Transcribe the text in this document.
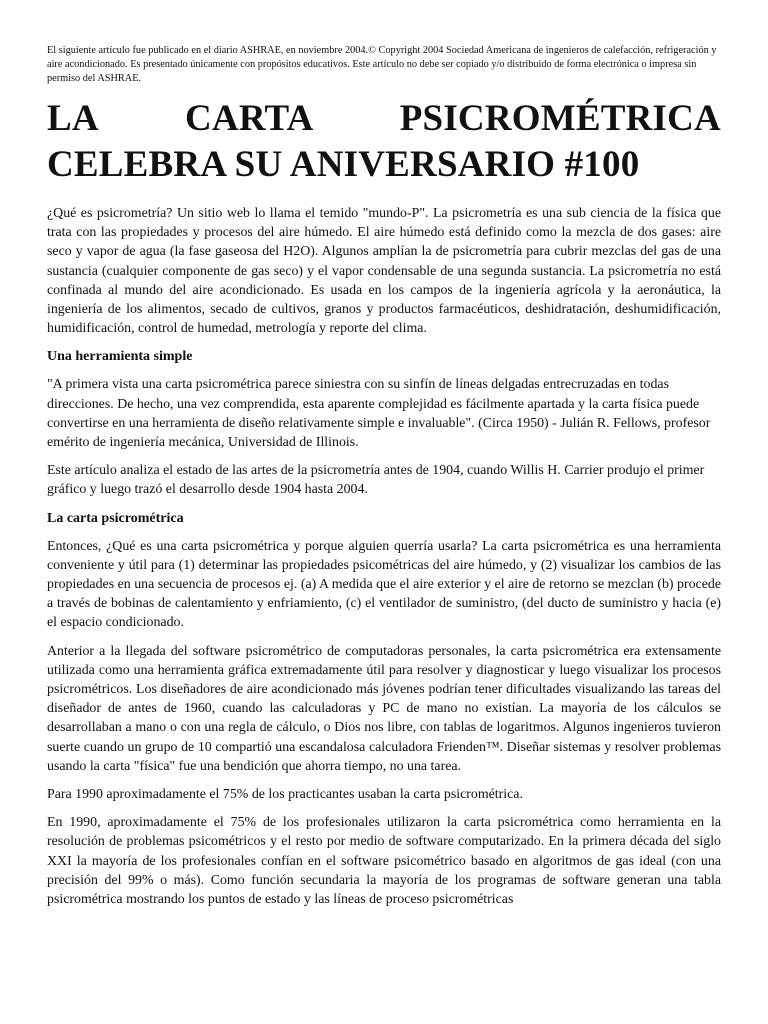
El siguiente artículo fue publicado en el diario ASHRAE, en noviembre 2004.© Copyright 2004 Sociedad Americana de ingenieros de calefacción, refrigeración y aire acondicionado. Es presentado únicamente con propósitos educativos. Este artículo no debe ser copiado y/o distribuido de forma electrónica o impresa sin permiso del ASHRAE.

LA CARTA PSICROMÉTRICA
CELEBRA SU ANIVERSARIO #100

¿Qué es psicrometría? Un sitio web lo llama el temido "mundo-P". La psicrometría es una sub ciencia de la física que trata con las propiedades y procesos del aire húmedo. El aire húmedo está definido como la mezcla de dos gases: aire seco y vapor de agua (la fase gaseosa del H2O). Algunos amplían la de psicrometría para cubrir mezclas del gas de una sustancia (cualquier componente de gas seco) y el vapor condensable de una segunda sustancia. La psicrometría no está confinada al mundo del aire acondicionado. Es usada en los campos de la ingeniería agrícola y la aeronáutica, la ingeniería de los alimentos, secado de cultivos, granos y productos farmacéuticos, deshidratación, deshumidificación, humidificación, control de humedad, metrología y reporte del clima.

Una herramienta simple

"A primera vista una carta psicrométrica parece siniestra con su sinfín de líneas delgadas entrecruzadas en todas direcciones. De hecho, una vez comprendida, esta aparente complejidad es fácilmente apartada y la carta física puede convertirse en una herramienta de diseño relativamente simple e invaluable". (Circa 1950) - Julián R. Fellows, profesor emérito de ingeniería mecánica, Universidad de Illinois.

Este artículo analiza el estado de las artes de la psicrometría antes de 1904, cuando Willis H. Carrier produjo el primer gráfico y luego trazó el desarrollo desde 1904 hasta 2004.

La carta psicrométrica

Entonces, ¿Qué es una carta psicrométrica y porque alguien querría usarla? La carta psicrométrica es una herramienta conveniente y útil para (1) determinar las propiedades psicométricas del aire húmedo, y (2) visualizar los cambios de las propiedades en una secuencia de procesos ej. (a) A medida que el aire exterior y el aire de retorno se mezclan (b) procede a través de bobinas de calentamiento y enfriamiento, (c) el ventilador de suministro, (del ducto de suministro y hacia (e) el espacio condicionado.

Anterior a la llegada del software psicrométrico de computadoras personales, la carta psicrométrica era extensamente utilizada como una herramienta gráfica extremadamente útil para resolver y diagnosticar y luego visualizar los procesos psicrométricos. Los diseñadores de aire acondicionado más jóvenes podrían tener dificultades visualizando las tareas del diseñador de antes de 1960, cuando las calculadoras y PC de mano no existían. La mayoría de los cálculos se desarrollaban a mano o con una regla de cálculo, o Dios nos libre, con tablas de logaritmos. Algunos ingenieros tuvieron suerte cuando un grupo de 10 compartió una escandalosa calculadora Frienden™. Diseñar sistemas y resolver problemas usando la carta "física" fue una bendición que ahorra tiempo, no una tarea.

Para 1990 aproximadamente el 75% de los practicantes usaban la carta psicrométrica.

En 1990, aproximadamente el 75% de los profesionales utilizaron la carta psicrométrica como herramienta en la resolución de problemas psicométricos y el resto por medio de software computarizado. En la primera década del siglo XXI la mayoría de los profesionales confían en el software psicométrico basado en algoritmos de gas ideal (con una precisión del 99% o más). Como función secundaria la mayoría de los programas de software generan una tabla psicrométrica mostrando los puntos de estado y las líneas de proceso psicrométricas
